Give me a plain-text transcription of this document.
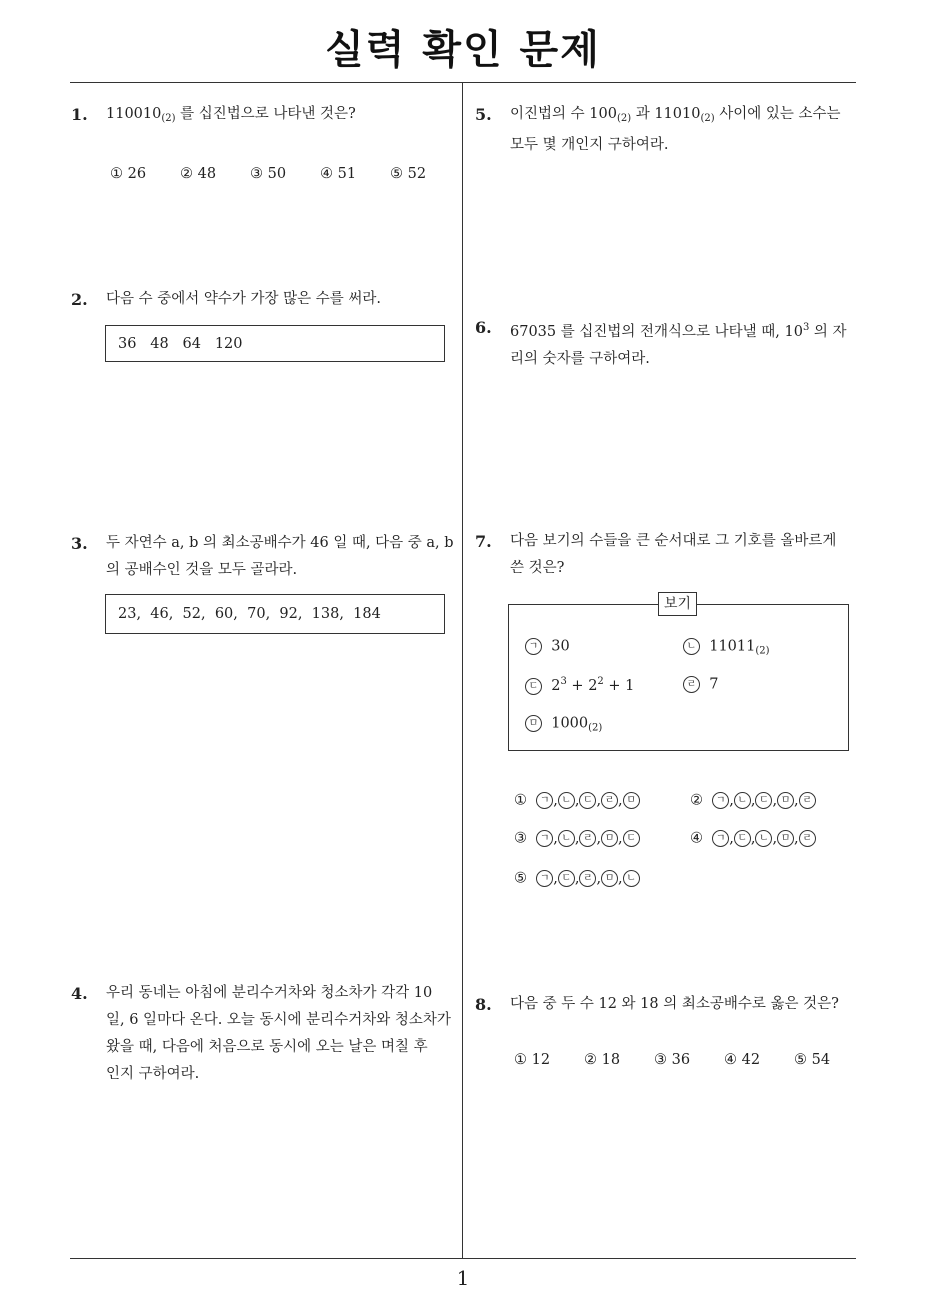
실력 확인 문제
1
1. $110010_{(2)}$ 를 십진법으로 나타낸 것은?
① 26 ② 48 ③ 50 ④ 51 ⑤ 52
2. 다음 수 중에서 약수가 가장 많은 수를 써라.
36   48   64   120
3. 두 자연수 a, b 의 최소공배수가 46 일 때, 다음 중 a, b
의 공배수인 것을 모두 골라라.
23,  46,  52,  60,  70,  92,  138,  184
4. 우리 동네는 아침에 분리수거차와 청소차가 각각 10
일, 6 일마다 온다. 오늘 동시에 분리수거차와 청소차가
왔을 때, 다음에 처음으로 동시에 오는 날은 며칠 후
인지 구하여라.
5. 이진법의 수 $100_{(2)}$ 과 $11010_{(2)}$ 사이에 있는 소수는
모두 몇 개인지 구하여라.
6. 67035 를 십진법의 전개식으로 나타낼 때, $10^3$ 의 자
리의 숫자를 구하여라.
7. 다음 보기의 수들을 큰 순서대로 그 기호를 올바르게
쓴 것은?
보기
ㄱ 30	ㄴ $11011_{(2)}$
ㄷ $2^3 + 2^2 + 1$	ㄹ 7
ㅁ $1000_{(2)}$
① ㄱ , ㄴ , ㄷ , ㄹ , ㅁ	② ㄱ , ㄴ , ㄷ , ㅁ , ㄹ
③ ㄱ , ㄴ , ㄹ , ㅁ , ㄷ	④ ㄱ , ㄷ , ㄴ , ㅁ , ㄹ
⑤ ㄱ , ㄷ , ㄹ , ㅁ , ㄴ
8. 다음 중 두 수 12 와 18 의 최소공배수로 옳은 것은?
① 12 ② 18 ③ 36 ④ 42 ⑤ 54
